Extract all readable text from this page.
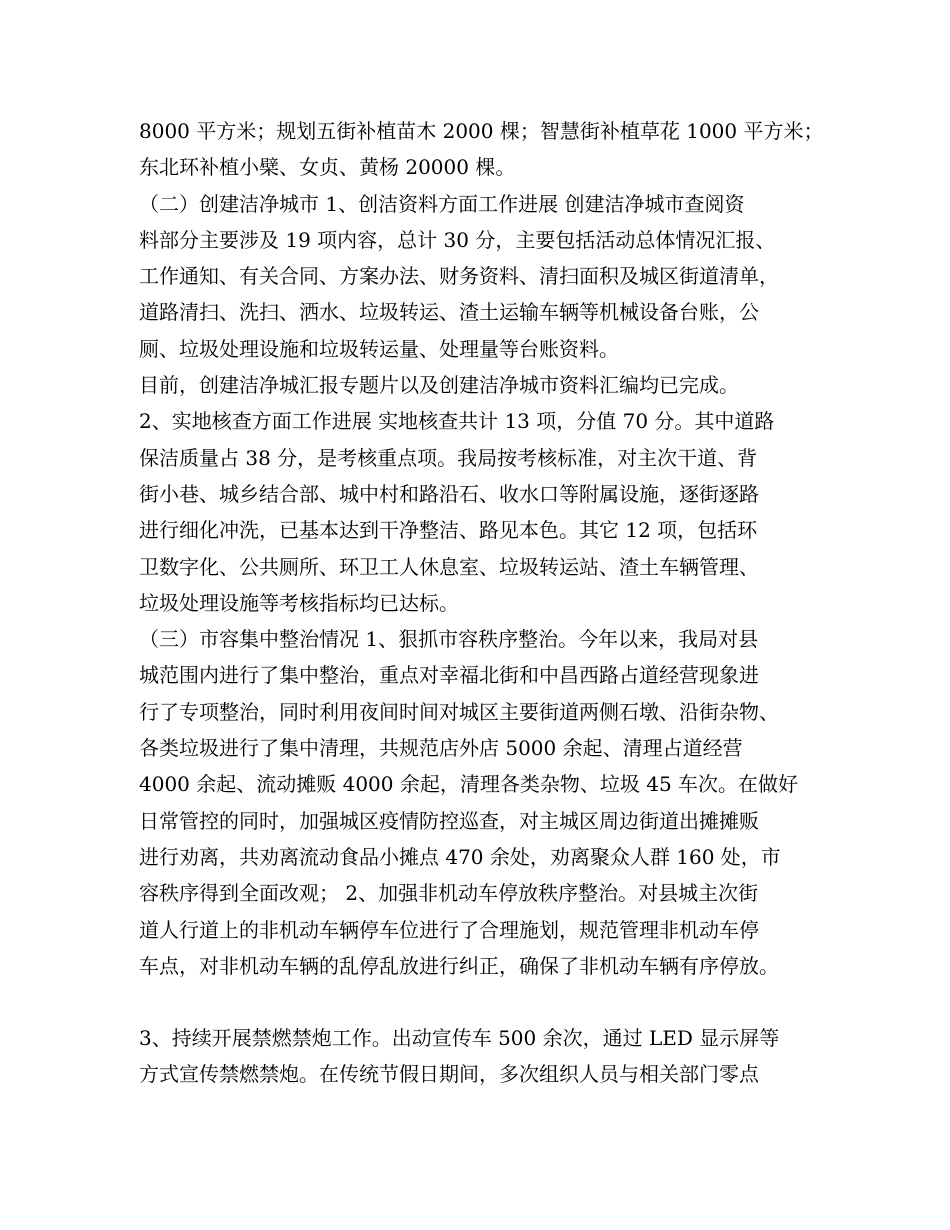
8000 平方米；规划五街补植苗木 2000 棵；智慧街补植草花 1000 平方米；
东北环补植小檗、女贞、黄杨 20000 棵。
（二）创建洁净城市 1、创洁资料方面工作进展 创建洁净城市查阅资
料部分主要涉及 19 项内容，总计 30 分，主要包括活动总体情况汇报、
工作通知、有关合同、方案办法、财务资料、清扫面积及城区街道清单，
道路清扫、洗扫、洒水、垃圾转运、渣土运输车辆等机械设备台账，公
厕、垃圾处理设施和垃圾转运量、处理量等台账资料。
目前，创建洁净城汇报专题片以及创建洁净城市资料汇编均已完成。
2、实地核查方面工作进展 实地核查共计 13 项，分值 70 分。其中道路
保洁质量占 38 分，是考核重点项。我局按考核标准，对主次干道、背
街小巷、城乡结合部、城中村和路沿石、收水口等附属设施，逐街逐路
进行细化冲洗，已基本达到干净整洁、路见本色。其它 12 项，包括环
卫数字化、公共厕所、环卫工人休息室、垃圾转运站、渣土车辆管理、
垃圾处理设施等考核指标均已达标。
（三）市容集中整治情况 1、狠抓市容秩序整治。今年以来，我局对县
城范围内进行了集中整治，重点对幸福北街和中昌西路占道经营现象进
行了专项整治，同时利用夜间时间对城区主要街道两侧石墩、沿街杂物、
各类垃圾进行了集中清理，共规范店外店 5000 余起、清理占道经营
4000 余起、流动摊贩 4000 余起，清理各类杂物、垃圾 45 车次。在做好
日常管控的同时，加强城区疫情防控巡查，对主城区周边街道出摊摊贩
进行劝离，共劝离流动食品小摊点 470 余处，劝离聚众人群 160 处，市
容秩序得到全面改观； 2、加强非机动车停放秩序整治。对县城主次街
道人行道上的非机动车辆停车位进行了合理施划，规范管理非机动车停
车点，对非机动车辆的乱停乱放进行纠正，确保了非机动车辆有序停放。
3、持续开展禁燃禁炮工作。出动宣传车 500 余次，通过 LED 显示屏等
方式宣传禁燃禁炮。在传统节假日期间，多次组织人员与相关部门零点
